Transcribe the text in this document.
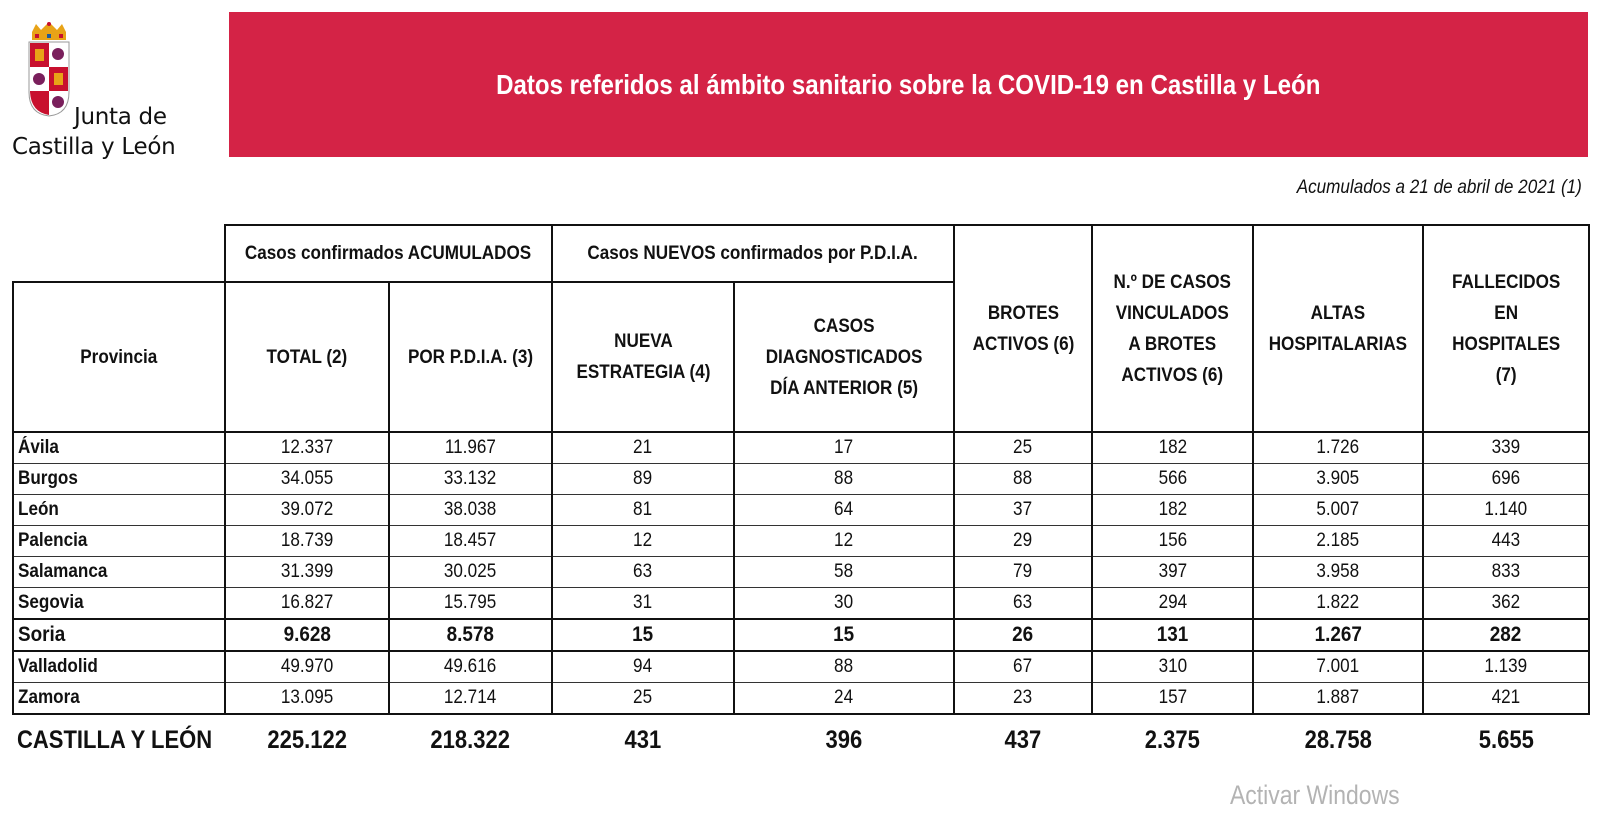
Junta de
Castilla y León
Datos referidos al ámbito sanitario sobre la COVID-19 en Castilla y León
Acumulados a 21 de abril de 2021 (1)
	Casos confirmados ACUMULADOS		Casos NUEVOS confirmados por P.D.I.A.		BROTES
ACTIVOS (6)	N.º DE CASOS
VINCULADOS
A BROTES
ACTIVOS (6)	ALTAS
HOSPITALARIAS	FALLECIDOS
EN
HOSPITALES
(7)
Provincia	TOTAL (2)	POR P.D.I.A. (3)	NUEVA
ESTRATEGIA (4)	CASOS
DIAGNOSTICADOS
DÍA ANTERIOR (5)				
Ávila	12.337	11.967	21	17	25	182	1.726	339
Burgos	34.055	33.132	89	88	88	566	3.905	696
León	39.072	38.038	81	64	37	182	5.007	1.140
Palencia	18.739	18.457	12	12	29	156	2.185	443
Salamanca	31.399	30.025	63	58	79	397	3.958	833
Segovia	16.827	15.795	31	30	63	294	1.822	362
Soria	9.628	8.578	15	15	26	131	1.267	282
Valladolid	49.970	49.616	94	88	67	310	7.001	1.139
Zamora	13.095	12.714	25	24	23	157	1.887	421
CASTILLA Y LEÓN	225.122	218.322	431	396	437	2.375	28.758	5.655
Activar Windows
